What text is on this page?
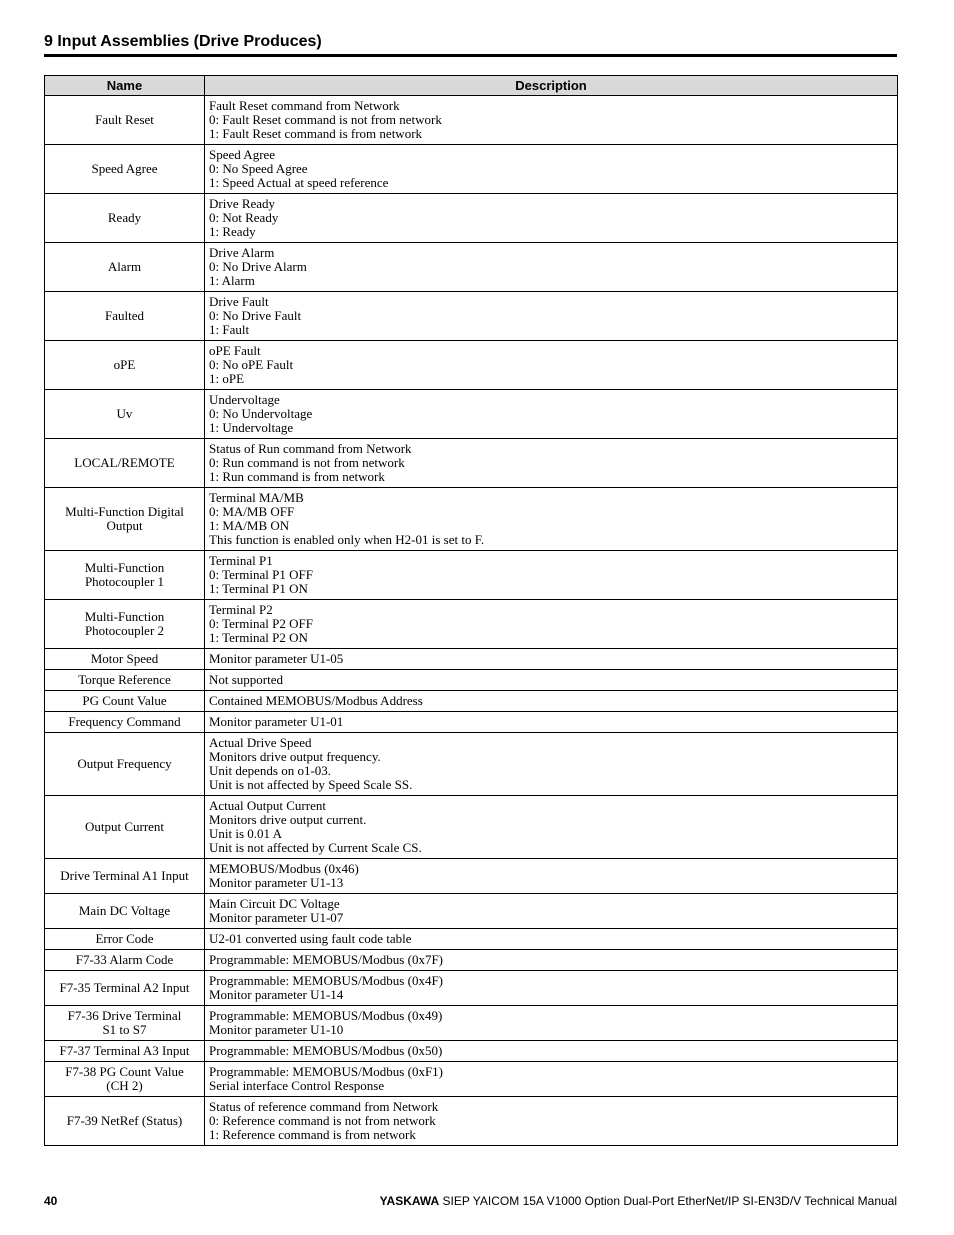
9 Input Assemblies (Drive Produces)
Name	Description

Fault Reset	Fault Reset command from Network
0: Fault Reset command is not from network
1: Fault Reset command is from network

Speed Agree	Speed Agree
0: No Speed Agree
1: Speed Actual at speed reference

Ready	Drive Ready
0: Not Ready
1: Ready

Alarm	Drive Alarm
0: No Drive Alarm
1: Alarm

Faulted	Drive Fault
0: No Drive Fault
1: Fault

oPE	oPE Fault
0: No oPE Fault
1: oPE

Uv	Undervoltage
0: No Undervoltage
1: Undervoltage

LOCAL/REMOTE	Status of Run command from Network
0: Run command is not from network
1: Run command is from network

Multi-Function Digital
Output	Terminal MA/MB
0: MA/MB OFF
1: MA/MB ON
This function is enabled only when H2-01 is set to F.

Multi-Function
Photocoupler 1	Terminal P1
0: Terminal P1 OFF
1: Terminal P1 ON

Multi-Function
Photocoupler 2	Terminal P2
0: Terminal P2 OFF
1: Terminal P2 ON

Motor Speed	Monitor parameter U1-05

Torque Reference	Not supported

PG Count Value	Contained MEMOBUS/Modbus Address

Frequency Command	Monitor parameter U1-01

Output Frequency	Actual Drive Speed
Monitors drive output frequency.
Unit depends on o1-03.
Unit is not affected by Speed Scale SS.

Output Current	Actual Output Current
Monitors drive output current.
Unit is 0.01 A
Unit is not affected by Current Scale CS.

Drive Terminal A1 Input	MEMOBUS/Modbus (0x46)
Monitor parameter U1-13

Main DC Voltage	Main Circuit DC Voltage
Monitor parameter U1-07

Error Code	U2-01 converted using fault code table

F7-33 Alarm Code	Programmable: MEMOBUS/Modbus (0x7F)

F7-35 Terminal A2 Input	Programmable: MEMOBUS/Modbus (0x4F)
Monitor parameter U1-14

F7-36 Drive Terminal
S1 to S7	Programmable: MEMOBUS/Modbus (0x49)
Monitor parameter U1-10

F7-37 Terminal A3 Input	Programmable: MEMOBUS/Modbus (0x50)

F7-38 PG Count Value
(CH 2)	Programmable: MEMOBUS/Modbus (0xF1)
Serial interface Control Response

F7-39 NetRef (Status)	Status of reference command from Network
0: Reference command is not from network
1: Reference command is from network
40	YASKAWA SIEP YAICOM 15A V1000 Option Dual-Port EtherNet/IP SI-EN3D/V Technical Manual
